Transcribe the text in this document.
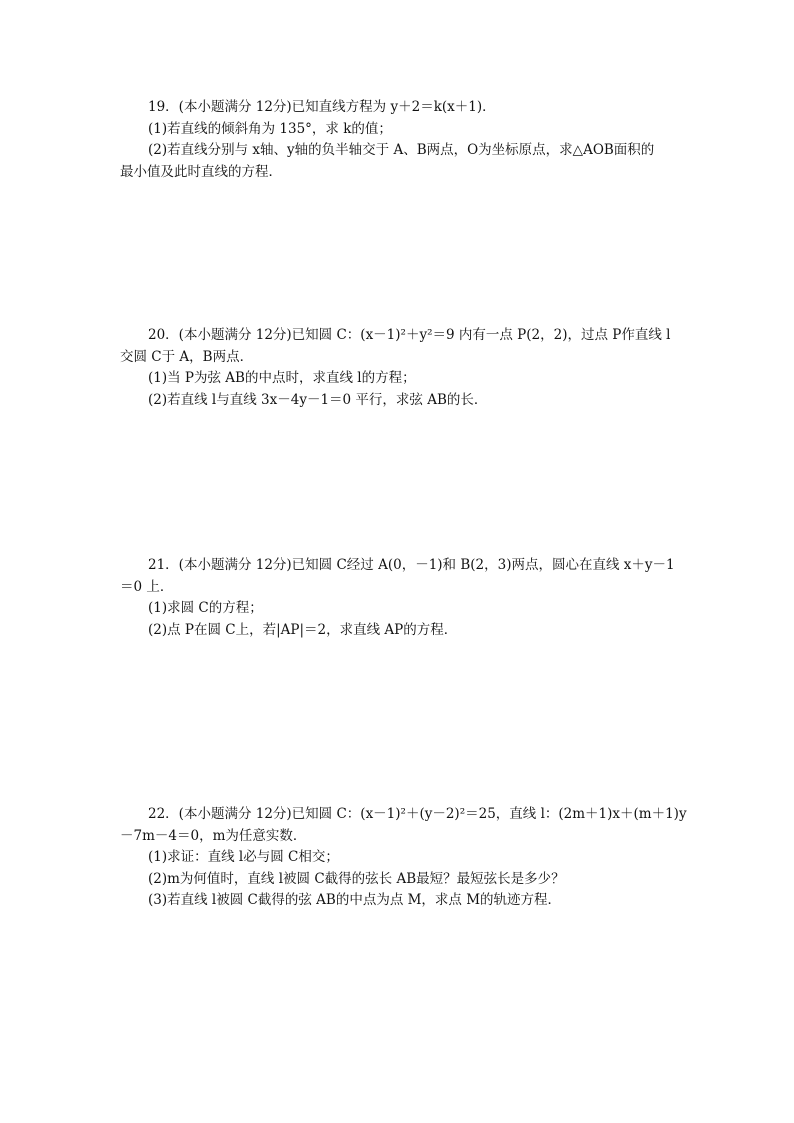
19．(本小题满分 12分)已知直线方程为 y＋2＝k(x＋1)．
(1)若直线的倾斜角为 135°，求 k的值；
(2)若直线分别与 x轴、y轴的负半轴交于 A、B两点，O为坐标原点，求△AOB面积的
最小值及此时直线的方程．
20．(本小题满分 12分)已知圆 C：(x－1)²＋y²＝9 内有一点 P(2，2)，过点 P作直线 l
交圆 C于 A，B两点．
(1)当 P为弦 AB的中点时，求直线 l的方程；
(2)若直线 l与直线 3x－4y－1＝0 平行，求弦 AB的长．
21．(本小题满分 12分)已知圆 C经过 A(0，－1)和 B(2，3)两点，圆心在直线 x＋y－1
＝0 上．
(1)求圆 C的方程；
(2)点 P在圆 C上，若|AP|＝2，求直线 AP的方程．
22．(本小题满分 12分)已知圆 C：(x－1)²＋(y－2)²＝25，直线 l：(2m＋1)x＋(m＋1)y
－7m－4＝0，m为任意实数．
(1)求证：直线 l必与圆 C相交；
(2)m为何值时，直线 l被圆 C截得的弦长 AB最短？最短弦长是多少？
(3)若直线 l被圆 C截得的弦 AB的中点为点 M，求点 M的轨迹方程．
